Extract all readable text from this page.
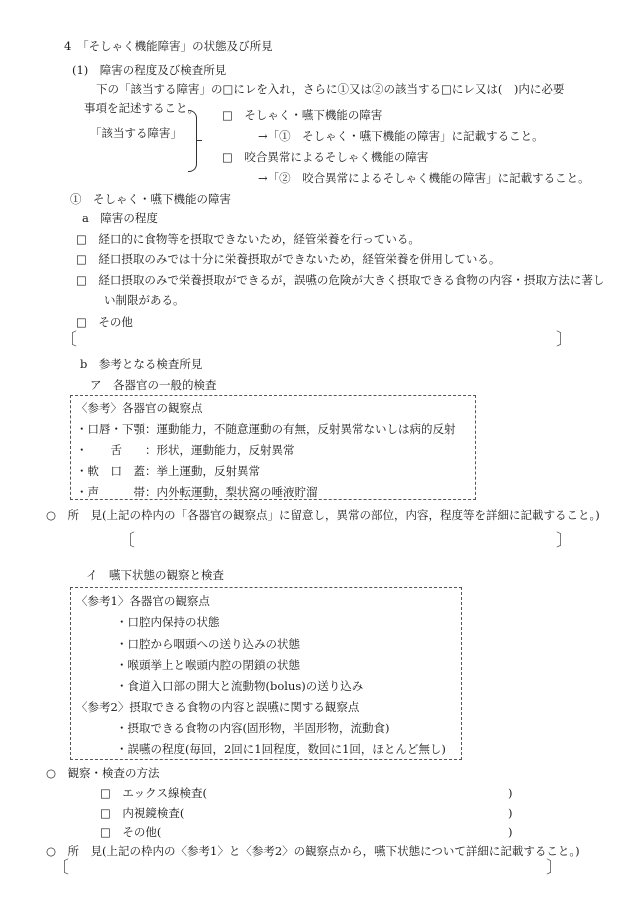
4　「そしゃく機能障害」の状態及び所見
(1)　障害の程度及び検査所見
下の「該当する障害」の□にレを入れ，さらに①又は②の該当する□にレ又は(　)内に必要
事項を記述すること。
「該当する障害」
□　そしゃく・嚥下機能の障害
→「①　そしゃく・嚥下機能の障害」に記載すること。
□　咬合異常によるそしゃく機能の障害
→「②　咬合異常によるそしゃく機能の障害」に記載すること。
①　そしゃく・嚥下機能の障害
a　障害の程度
□　経口的に食物等を摂取できないため，経管栄養を行っている。
□　経口摂取のみでは十分に栄養摂取ができないため，経管栄養を併用している。
□　経口摂取のみで栄養摂取ができるが，誤嚥の危険が大きく摂取できる食物の内容・摂取方法に著し
い制限がある。
□　その他
〔	〕
b　参考となる検査所見
ア　各器官の一般的検査
〈参考〉各器官の観察点
・口唇・下顎：運動能力，不随意運動の有無，反射異常ないしは病的反射
・　　舌　　：形状，運動能力，反射異常
・軟　口　蓋：挙上運動，反射異常
・声　　　帯：内外転運動，梨状窩の唾液貯溜
○　所　見(上記の枠内の「各器官の観察点」に留意し，異常の部位，内容，程度等を詳細に記載すること。)
〔	〕
イ　嚥下状態の観察と検査
〈参考1〉各器官の観察点
・口腔内保持の状態
・口腔から咽頭への送り込みの状態
・喉頭挙上と喉頭内腔の閉鎖の状態
・食道入口部の開大と流動物(bolus)の送り込み
〈参考2〉摂取できる食物の内容と誤嚥に関する観察点
・摂取できる食物の内容(固形物，半固形物，流動食)
・誤嚥の程度(毎回，2回に1回程度，数回に1回，ほとんど無し)
○　観察・検査の方法
□　エックス線検査(	)
□　内視鏡検査(	)
□　その他(	)
○　所　見(上記の枠内の〈参考1〉と〈参考2〉の観察点から，嚥下状態について詳細に記載すること。)
〔	〕
